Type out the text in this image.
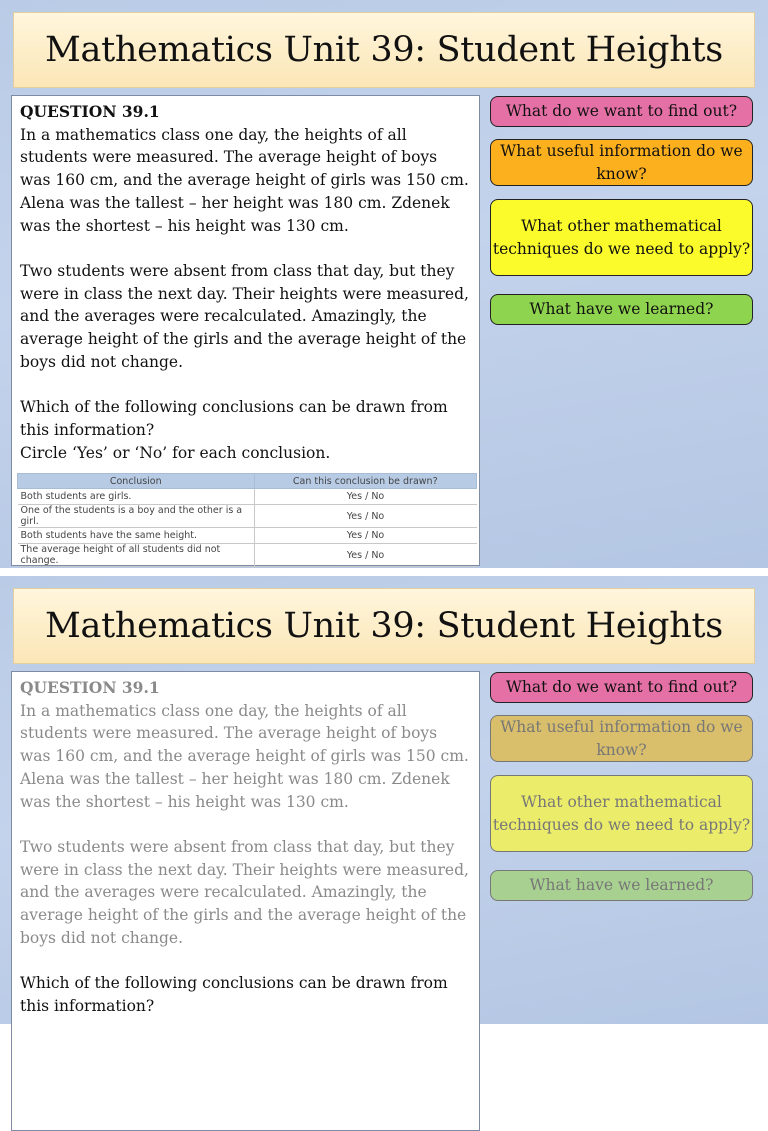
Mathematics Unit 39: Student Heights

QUESTION 39.1

In a mathematics class one day, the heights of all students were measured. The average height of boys was 160 cm, and the average height of girls was 150 cm. Alena was the tallest – her height was 180 cm. Zdenek was the shortest – his height was 130 cm.

Two students were absent from class that day, but they were in class the next day. Their heights were measured, and the averages were recalculated. Amazingly, the average height of the girls and the average height of the boys did not change.

Which of the following conclusions can be drawn from this information?

Circle ‘Yes’ or ‘No’ for each conclusion.

Conclusion	Can this conclusion be drawn?
Both students are girls.	Yes / No
One of the students is a boy and the other is a girl.	Yes / No
Both students have the same height.	Yes / No
The average height of all students did not change.	Yes / No

What do we want to find out?
What useful information do we know?
What other mathematical techniques do we need to apply?
What have we learned?
Mathematics Unit 39: Student Heights

QUESTION 39.1

In a mathematics class one day, the heights of all students were measured. The average height of boys was 160 cm, and the average height of girls was 150 cm. Alena was the tallest – her height was 180 cm. Zdenek was the shortest – his height was 130 cm.

Two students were absent from class that day, but they were in class the next day. Their heights were measured, and the averages were recalculated. Amazingly, the average height of the girls and the average height of the boys did not change.

Which of the following conclusions can be drawn from this information?

What do we want to find out?
What useful information do we know?
What other mathematical techniques do we need to apply?
What have we learned?
